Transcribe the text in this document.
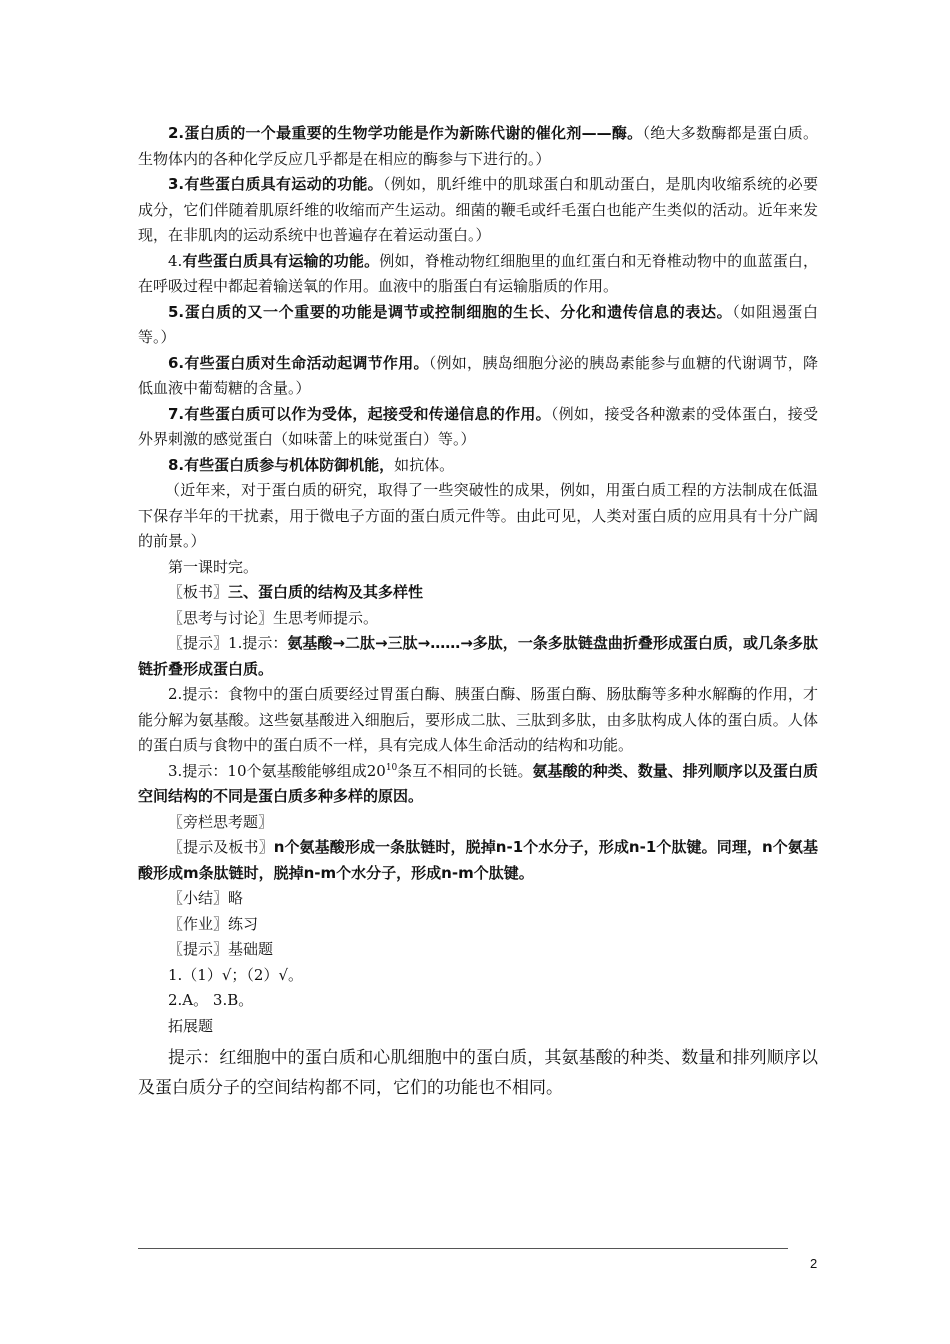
2.蛋白质的一个最重要的生物学功能是作为新陈代谢的催化剂——酶。（绝大多数酶都是蛋白质。生物体内的各种化学反应几乎都是在相应的酶参与下进行的。）

3.有些蛋白质具有运动的功能。（例如，肌纤维中的肌球蛋白和肌动蛋白，是肌肉收缩系统的必要成分，它们伴随着肌原纤维的收缩而产生运动。细菌的鞭毛或纤毛蛋白也能产生类似的活动。近年来发现，在非肌肉的运动系统中也普遍存在着运动蛋白。）

4.有些蛋白质具有运输的功能。例如，脊椎动物红细胞里的血红蛋白和无脊椎动物中的血蓝蛋白，在呼吸过程中都起着输送氧的作用。血液中的脂蛋白有运输脂质的作用。

5.蛋白质的又一个重要的功能是调节或控制细胞的生长、分化和遗传信息的表达。（如阻遏蛋白等。）

6.有些蛋白质对生命活动起调节作用。（例如，胰岛细胞分泌的胰岛素能参与血糖的代谢调节，降低血液中葡萄糖的含量。）

7.有些蛋白质可以作为受体，起接受和传递信息的作用。（例如，接受各种激素的受体蛋白，接受外界刺激的感觉蛋白（如味蕾上的味觉蛋白）等。）

8.有些蛋白质参与机体防御机能，如抗体。

（近年来，对于蛋白质的研究，取得了一些突破性的成果，例如，用蛋白质工程的方法制成在低温下保存半年的干扰素，用于微电子方面的蛋白质元件等。由此可见，人类对蛋白质的应用具有十分广阔的前景。）

第一课时完。

〖板书〗三、蛋白质的结构及其多样性

〖思考与讨论〗生思考师提示。

〖提示〗1.提示：氨基酸→二肽→三肽→……→多肽，一条多肽链盘曲折叠形成蛋白质，或几条多肽链折叠形成蛋白质。

2.提示：食物中的蛋白质要经过胃蛋白酶、胰蛋白酶、肠蛋白酶、肠肽酶等多种水解酶的作用，才能分解为氨基酸。这些氨基酸进入细胞后，要形成二肽、三肽到多肽，由多肽构成人体的蛋白质。人体的蛋白质与食物中的蛋白质不一样，具有完成人体生命活动的结构和功能。

3.提示：10个氨基酸能够组成$20^{10}$条互不相同的长链。氨基酸的种类、数量、排列顺序以及蛋白质空间结构的不同是蛋白质多种多样的原因。

〖旁栏思考题〗

〖提示及板书〗n个氨基酸形成一条肽链时，脱掉n-1个水分子，形成n-1个肽键。同理，n个氨基酸形成m条肽链时，脱掉n-m个水分子，形成n-m个肽键。

〖小结〗略

〖作业〗练习

〖提示〗基础题

1.（1）√；（2）√。

2.A。 3.B。

拓展题

提示：红细胞中的蛋白质和心肌细胞中的蛋白质，其氨基酸的种类、数量和排列顺序以及蛋白质分子的空间结构都不同，它们的功能也不相同。

2
